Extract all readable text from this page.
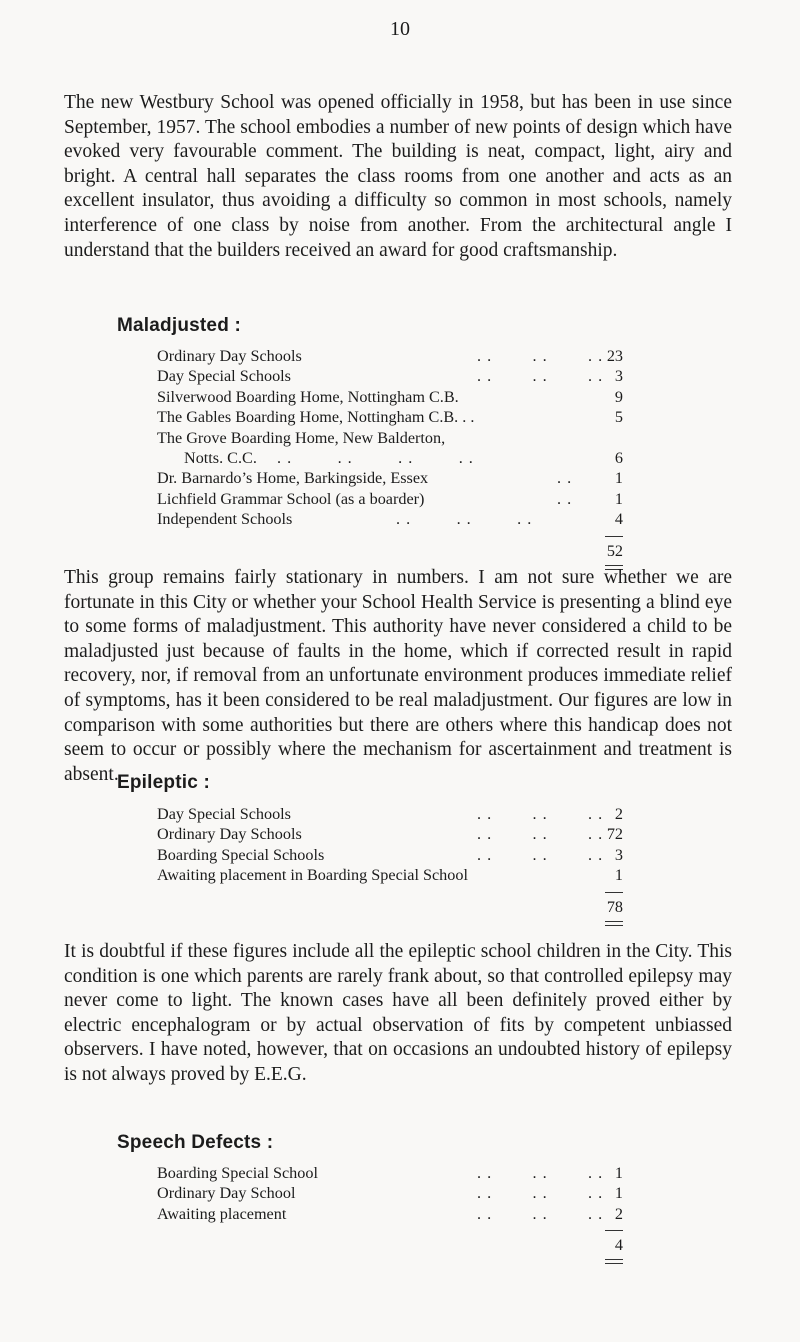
10

The new Westbury School was opened officially in 1958, but has been in use since September, 1957. The school embodies a number of new points of design which have evoked very favourable comment. The building is neat, compact, light, airy and bright. A central hall separates the class rooms from one another and acts as an excellent insulator, thus avoiding a difficulty so common in most schools, namely interference of one class by noise from another. From the architectural angle I understand that the builders received an award for good craftsmanship.

Maladjusted :
Ordinary Day Schools	. .        . .        . . 23
Day Special Schools	. .        . .        . . 3
Silverwood Boarding Home, Nottingham C.B.	9
The Gables Boarding Home, Nottingham C.B. . .	5
The Grove Boarding Home, New Balderton,
Notts. C.C. . .         . .         . .         . .	6
Dr. Barnardo’s Home, Barkingside, Essex	. .	1
Lichfield Grammar School (as a boarder)	. .	1
Independent Schools	. .         . .         . .	4
52

This group remains fairly stationary in numbers. I am not sure whether we are fortunate in this City or whether your School Health Service is presenting a blind eye to some forms of maladjustment. This authority have never considered a child to be maladjusted just because of faults in the home, which if corrected result in rapid recovery, nor, if removal from an unfortunate environment produces immediate relief of symptoms, has it been considered to be real maladjustment. Our figures are low in comparison with some authorities but there are others where this handicap does not seem to occur or possibly where the mechanism for ascertainment and treatment is absent.

Epileptic :
Day Special Schools	. .        . .        . . 2
Ordinary Day Schools	. .        . .        . . 72
Boarding Special Schools	. .        . .        . . 3
Awaiting placement in Boarding Special School	1
78

It is doubtful if these figures include all the epileptic school children in the City. This condition is one which parents are rarely frank about, so that controlled epilepsy may never come to light. The known cases have all been definitely proved either by electric encephalogram or by actual observation of fits by competent unbiassed observers. I have noted, however, that on occasions an undoubted history of epilepsy is not always proved by E.E.G.

Speech Defects :
Boarding Special School	. .        . .        . . 1
Ordinary Day School	. .        . .        . . 1
Awaiting placement	. .        . .        . . 2
4
